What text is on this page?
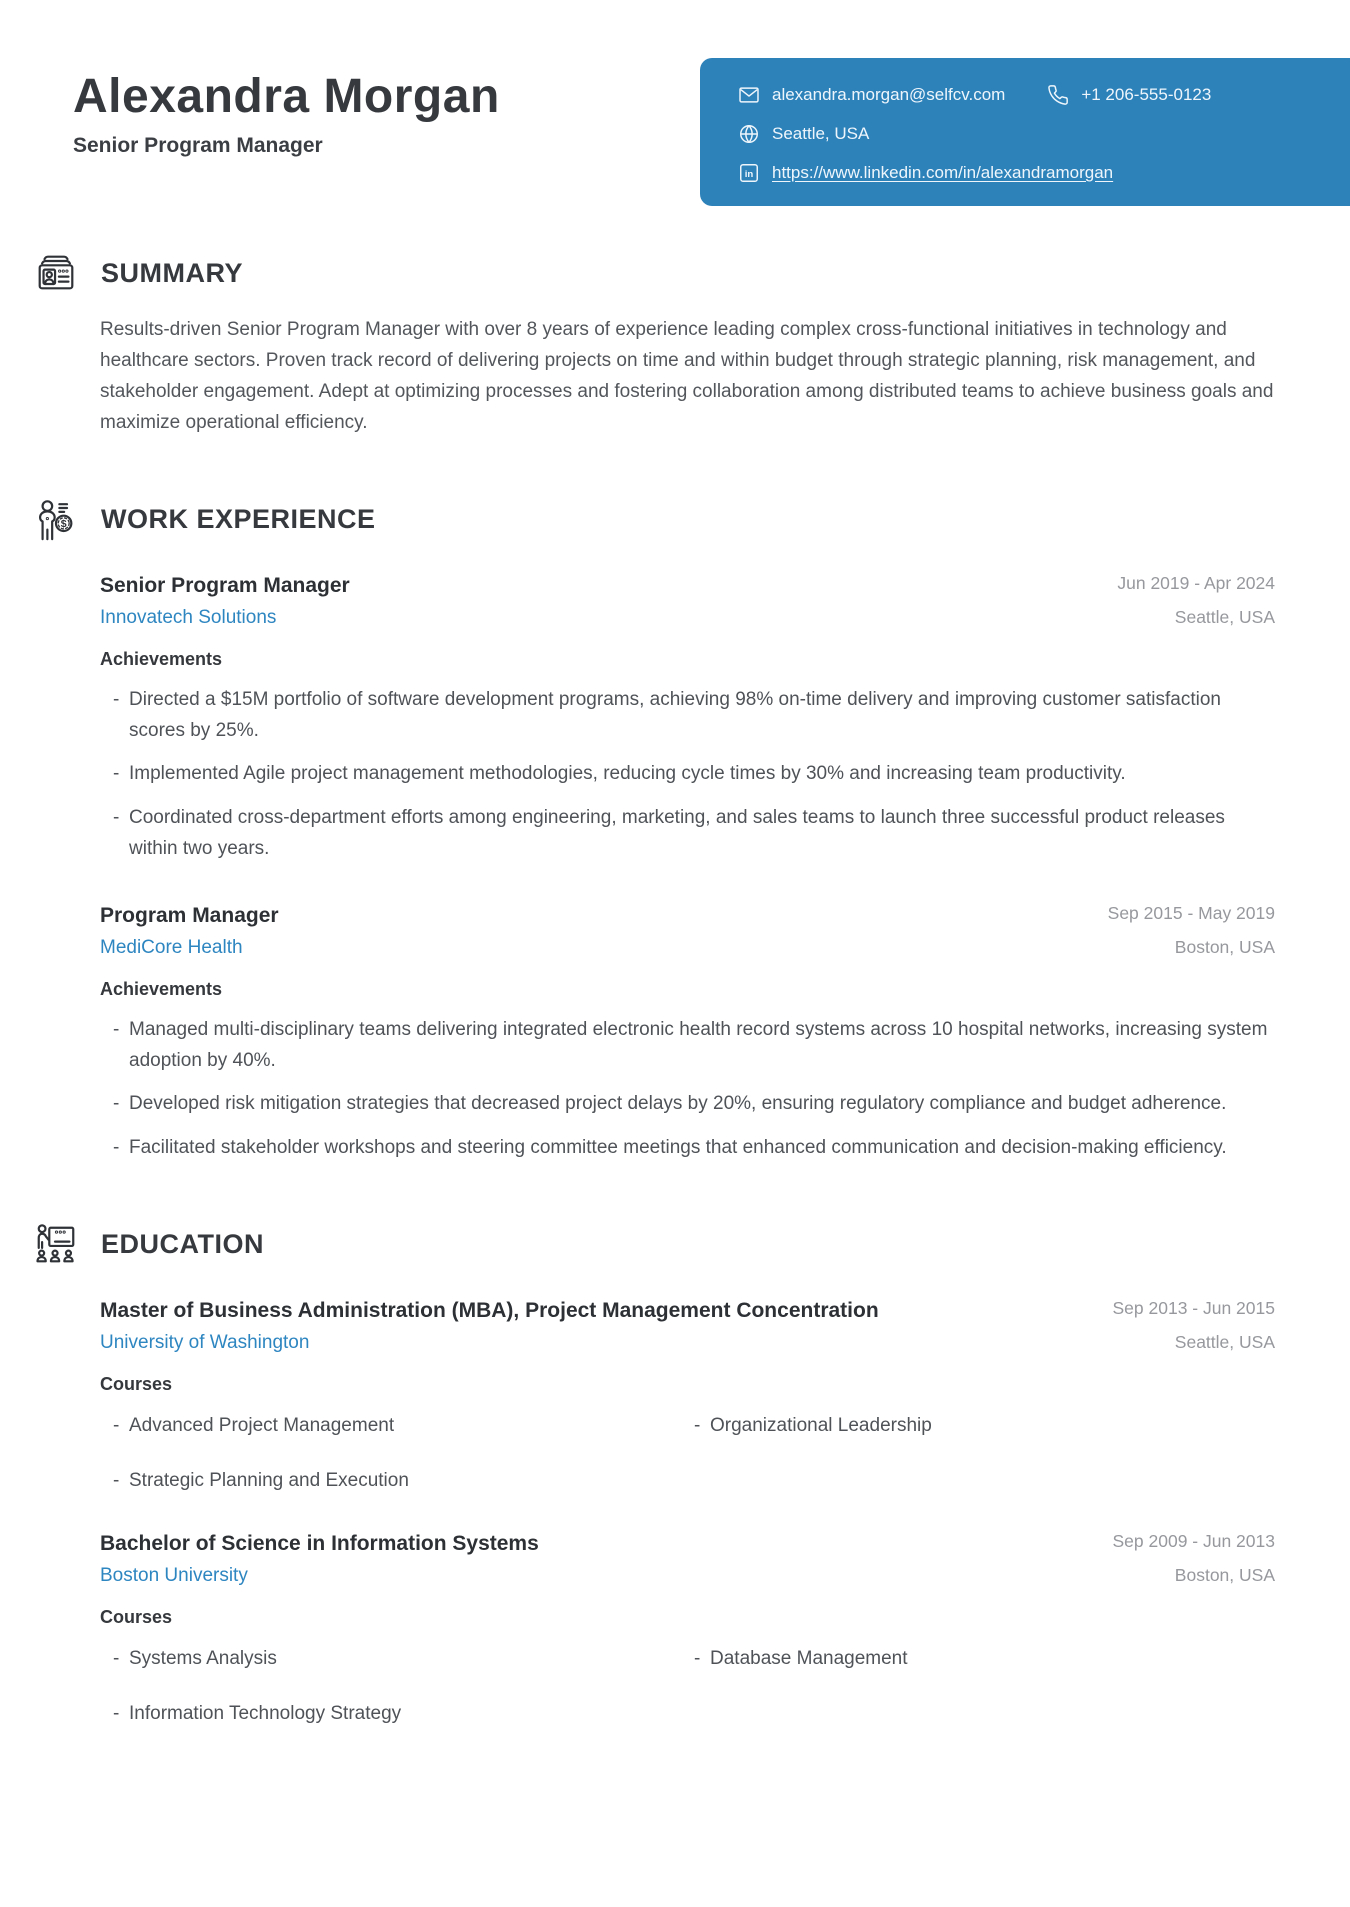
Alexandra Morgan
Senior Program Manager
alexandra.morgan@selfcv.com	+1 206-555-0123
Seattle, USA
in https://www.linkedin.com/in/alexandramorgan
SUMMARY

Results-driven Senior Program Manager with over 8 years of experience leading complex cross-functional initiatives in technology and healthcare sectors. Proven track record of delivering projects on time and within budget through strategic planning, risk management, and stakeholder engagement. Adept at optimizing processes and fostering collaboration among distributed teams to achieve business goals and maximize operational efficiency.

$ WORK EXPERIENCE
Senior Program Manager
Innovatech Solutions
Jun 2019 - Apr 2024
Seattle, USA
Achievements
- Directed a $15M portfolio of software development programs, achieving 98% on-time delivery and improving customer satisfaction scores by 25%.
- Implemented Agile project management methodologies, reducing cycle times by 30% and increasing team productivity.
- Coordinated cross-department efforts among engineering, marketing, and sales teams to launch three successful product releases within two years.
Program Manager
MediCore Health
Sep 2015 - May 2019
Boston, USA
Achievements
- Managed multi-disciplinary teams delivering integrated electronic health record systems across 10 hospital networks, increasing system adoption by 40%.
- Developed risk mitigation strategies that decreased project delays by 20%, ensuring regulatory compliance and budget adherence.
- Facilitated stakeholder workshops and steering committee meetings that enhanced communication and decision-making efficiency.
EDUCATION
Master of Business Administration (MBA), Project Management Concentration
University of Washington
Sep 2013 - Jun 2015
Seattle, USA
Courses
- Advanced Project Management	- Organizational Leadership
- Strategic Planning and Execution
Bachelor of Science in Information Systems
Boston University
Sep 2009 - Jun 2013
Boston, USA
Courses
- Systems Analysis	- Database Management
- Information Technology Strategy
